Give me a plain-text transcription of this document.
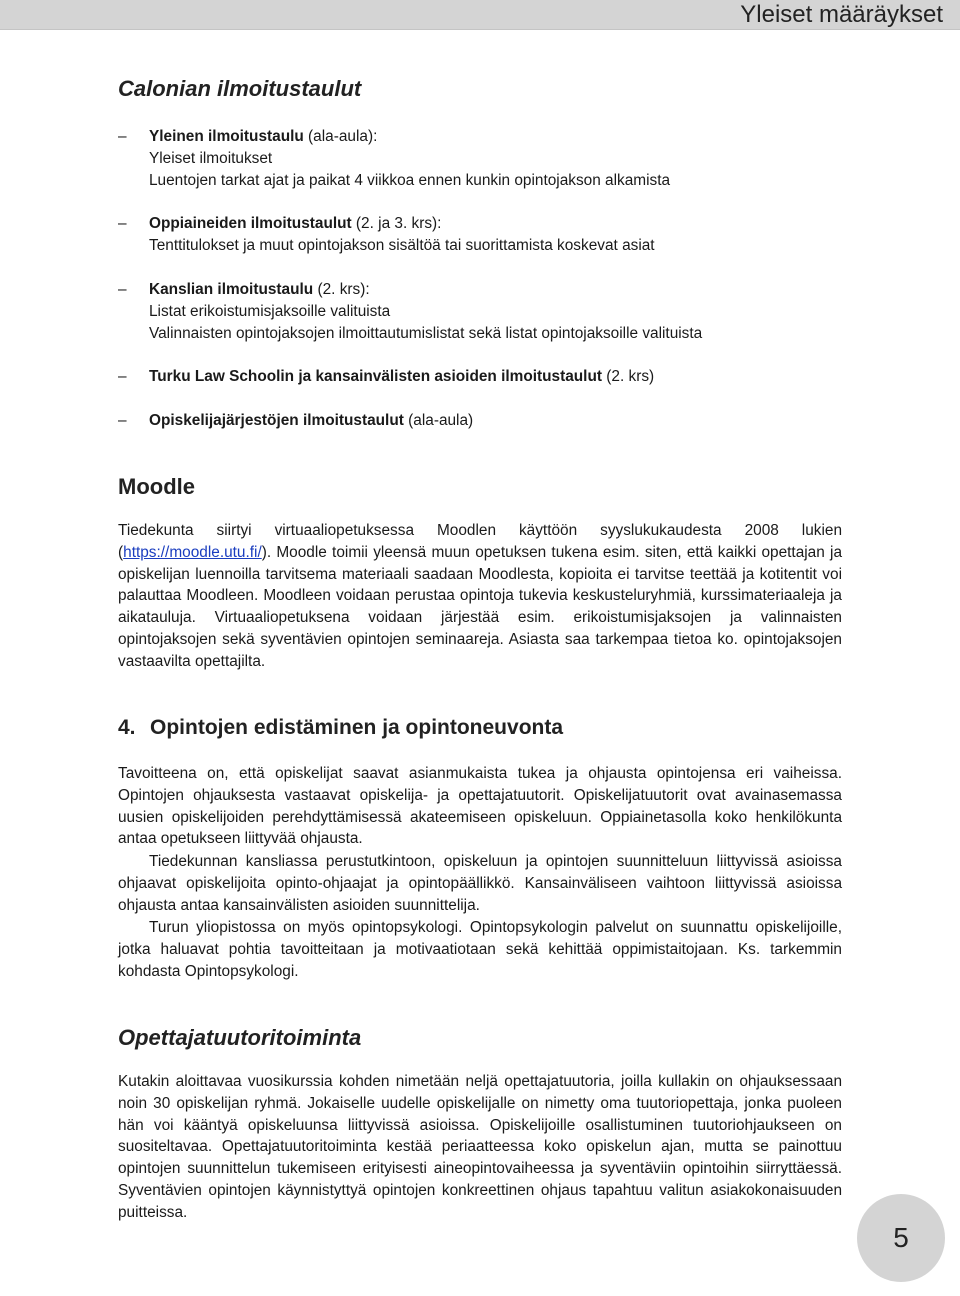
Yleiset määräykset
Calonian ilmoitustaulut
– Yleinen ilmoitustaulu (ala-aula):
Yleiset ilmoitukset
Luentojen tarkat ajat ja paikat 4 viikkoa ennen kunkin opintojakson alkamista
– Oppiaineiden ilmoitustaulut (2. ja 3. krs):
Tenttitulokset ja muut opintojakson sisältöä tai suorittamista koskevat asiat
– Kanslian ilmoitustaulu (2. krs):
Listat erikoistumisjaksoille valituista
Valinnaisten opintojaksojen ilmoittautumislistat sekä listat opintojaksoille valituista
– Turku Law Schoolin ja kansainvälisten asioiden ilmoitustaulut (2. krs)
– Opiskelijajärjestöjen ilmoitustaulut (ala-aula)
Moodle

Tiedekunta siirtyi virtuaaliopetuksessa Moodlen käyttöön syyslukukaudesta 2008 lukien (https://moodle.utu.fi/). Moodle toimii yleensä muun opetuksen tukena esim. siten, että kaikki opettajan ja opiskelijan luennoilla tarvitsema materiaali saadaan Moodlesta, kopioita ei tarvitse teettää ja kotitentit voi palauttaa Moodleen. Moodleen voidaan perustaa opintoja tukevia keskusteluryhmiä, kurssimateriaaleja ja aikatauluja. Virtuaaliopetuksena voidaan järjestää esim. erikoistumisjaksojen ja valinnaisten opintojaksojen sekä syventävien opintojen seminaareja. Asiasta saa tarkempaa tietoa ko. opintojaksojen vastaavilta opettajilta.

4. Opintojen edistäminen ja opintoneuvonta

Tavoitteena on, että opiskelijat saavat asianmukaista tukea ja ohjausta opintojensa eri vaiheissa. Opintojen ohjauksesta vastaavat opiskelija- ja opettajatuutorit. Opiskelijatuutorit ovat avainasemassa uusien opiskelijoiden perehdyttämisessä akateemiseen opiskeluun. Oppiainetasolla koko henkilökunta antaa opetukseen liittyvää ohjausta.

Tiedekunnan kansliassa perustutkintoon, opiskeluun ja opintojen suunnitteluun liittyvissä asioissa ohjaavat opiskelijoita opinto-ohjaajat ja opintopäällikkö. Kansainväliseen vaihtoon liittyvissä asioissa ohjausta antaa kansainvälisten asioiden suunnittelija.

Turun yliopistossa on myös opintopsykologi. Opintopsykologin palvelut on suunnattu opiskelijoille, jotka haluavat pohtia tavoitteitaan ja motivaatiotaan sekä kehittää oppimistaitojaan. Ks. tarkemmin kohdasta Opintopsykologi.

Opettajatuutoritoiminta

Kutakin aloittavaa vuosikurssia kohden nimetään neljä opettajatuutoria, joilla kullakin on ohjauksessaan noin 30 opiskelijan ryhmä. Jokaiselle uudelle opiskelijalle on nimetty oma tuutoriopettaja, jonka puoleen hän voi kääntyä opiskeluunsa liittyvissä asioissa. Opiskelijoille osallistuminen tuutoriohjaukseen on suositeltavaa. Opettajatuutoritoiminta kestää periaatteessa koko opiskelun ajan, mutta se painottuu opintojen suunnittelun tukemiseen erityisesti aineopintovaiheessa ja syventäviin opintoihin siirryttäessä. Syventävien opintojen käynnistyttyä opintojen konkreettinen ohjaus tapahtuu valitun asiakokonaisuuden puitteissa.

5
